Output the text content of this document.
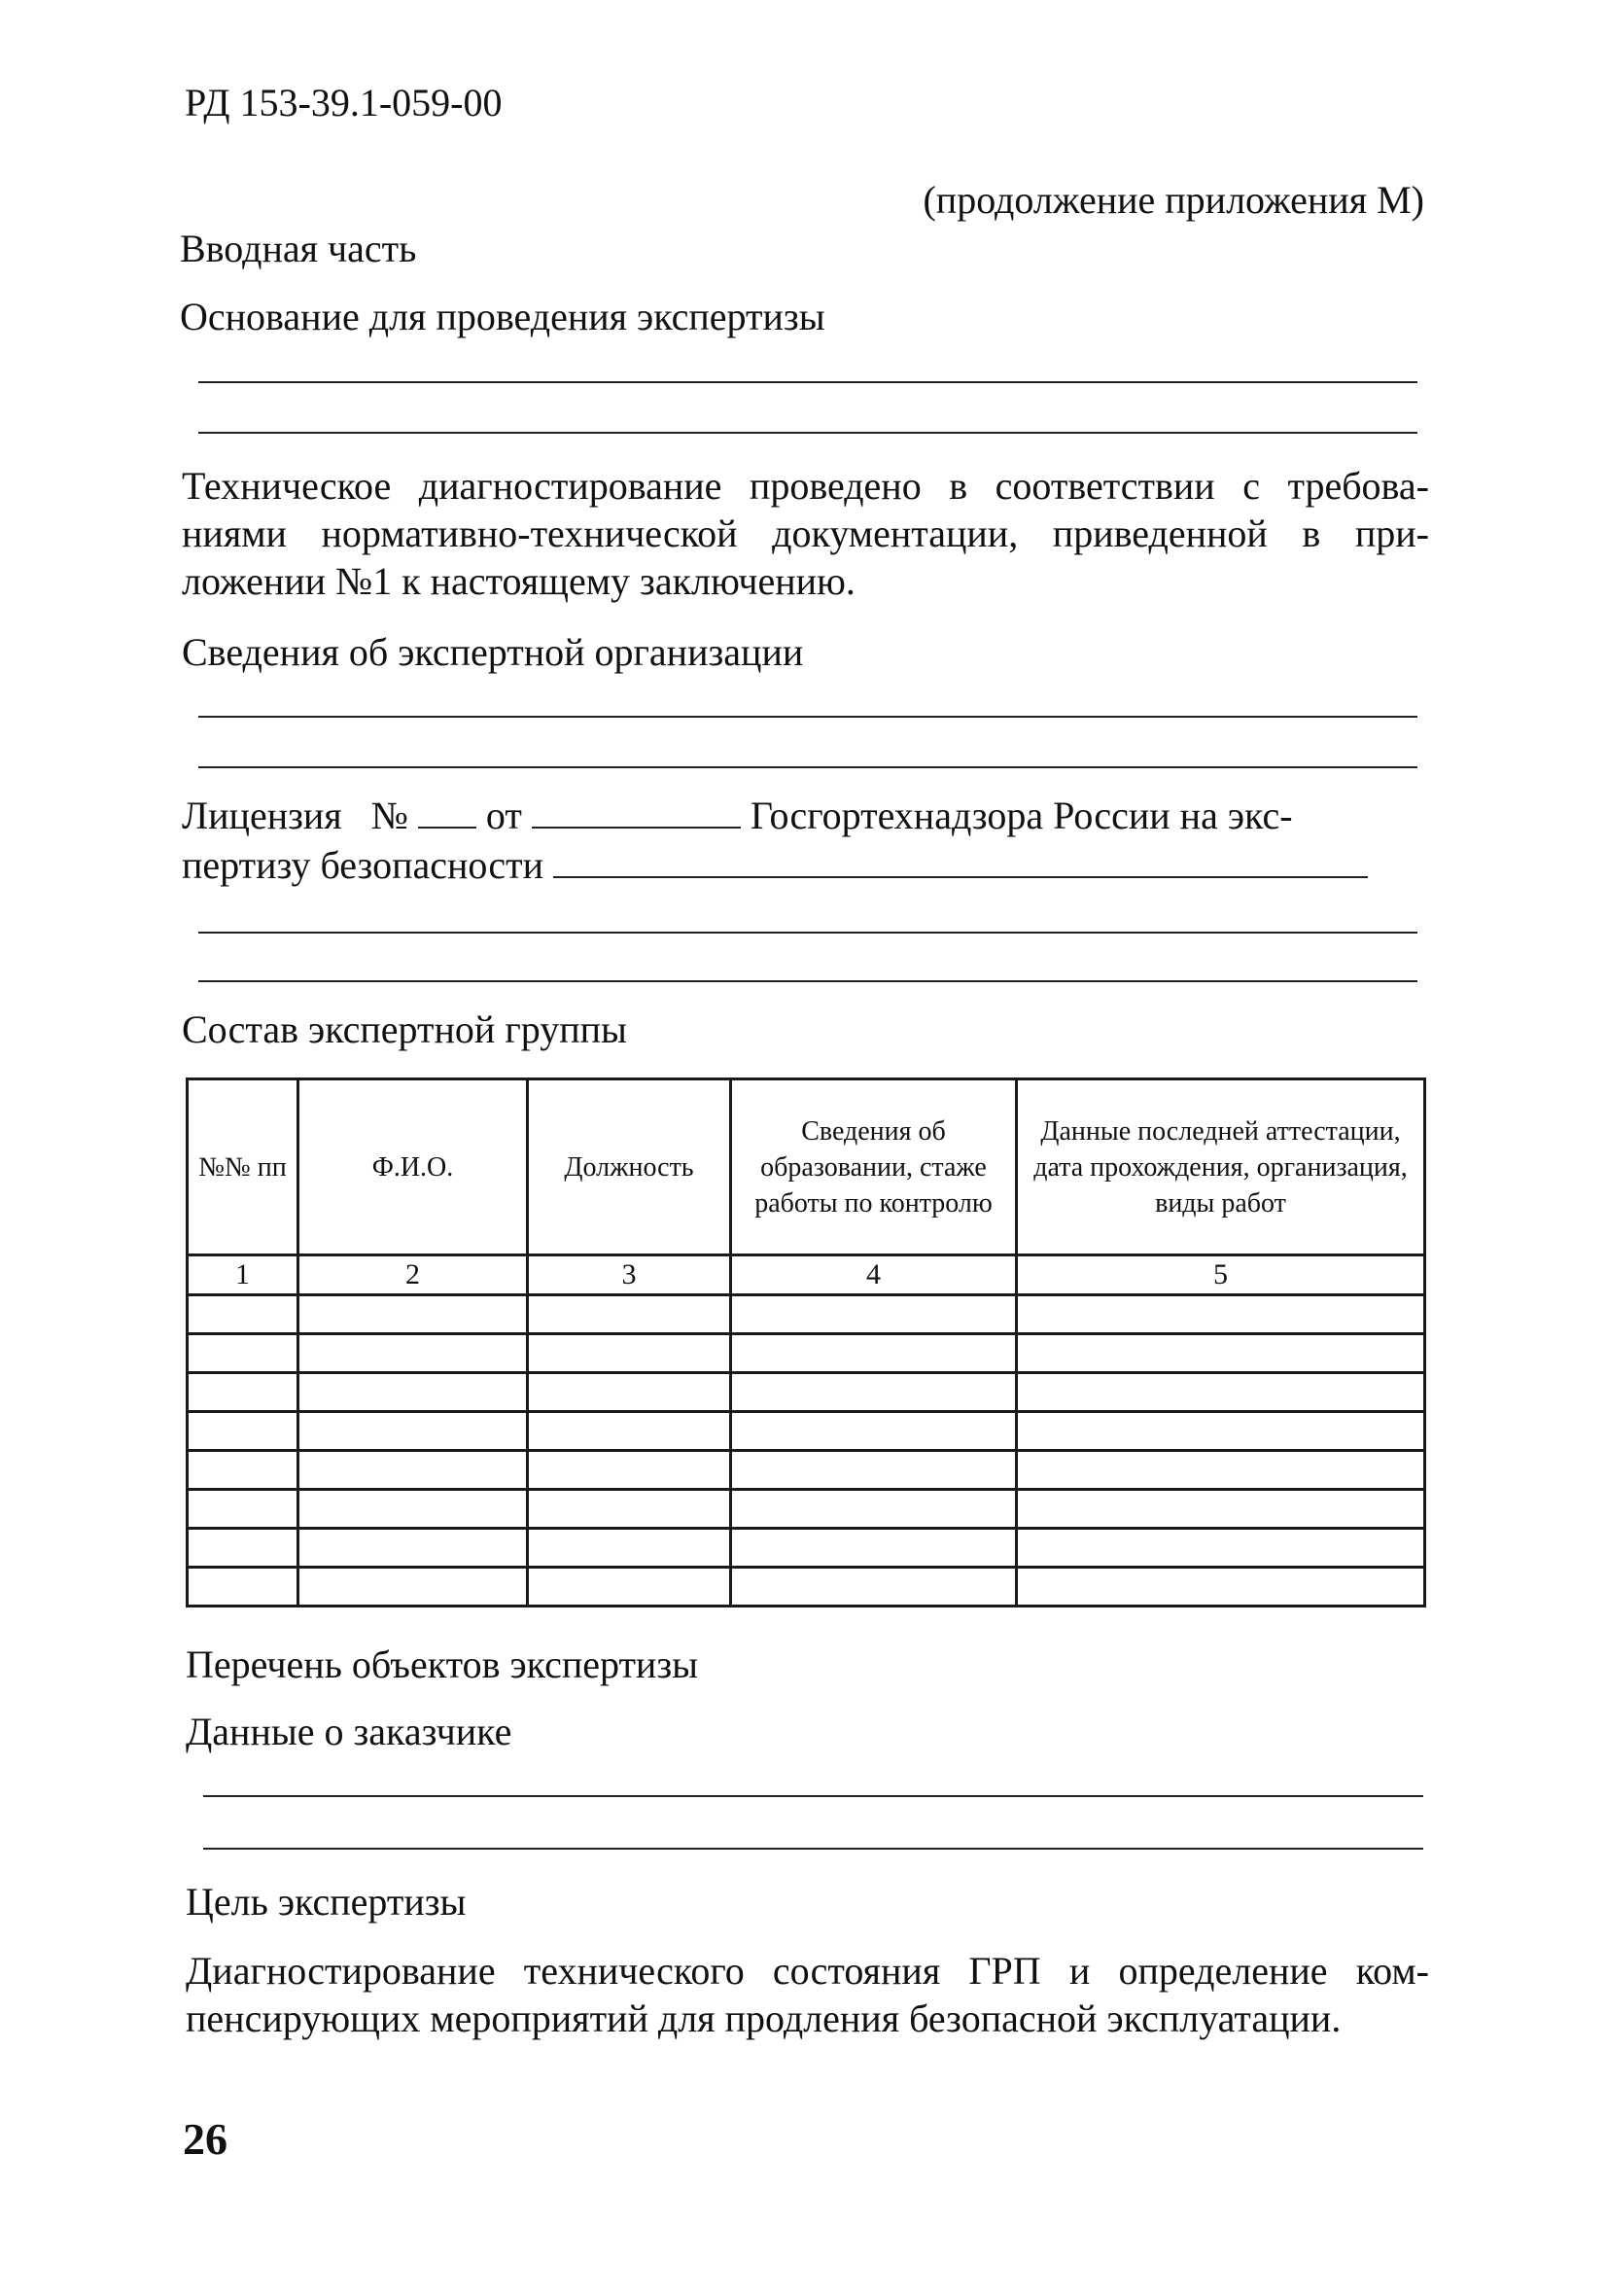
РД 153-39.1-059-00
(продолжение приложения М)
Вводная часть
Основание для проведения экспертизы
Техническое диагностирование проведено в соответствии с требова-
ниями нормативно-технической документации, приведенной в при-
ложении №1 к настоящему заключению.
Сведения об экспертной организации
Лицензия № от	Госгортехнадзора России на экс-
пертизу безопасности
Состав экспертной группы
№№ пп	Ф.И.О.	Должность	Сведения об образовании, стаже работы по контролю	Данные последней аттестации, дата прохождения, организация, виды работ
1	2	3	4	5

Перечень объектов экспертизы
Данные о заказчике
Цель экспертизы
Диагностирование технического состояния ГРП и определение ком-
пенсирующих мероприятий для продления безопасной эксплуатации.
26
